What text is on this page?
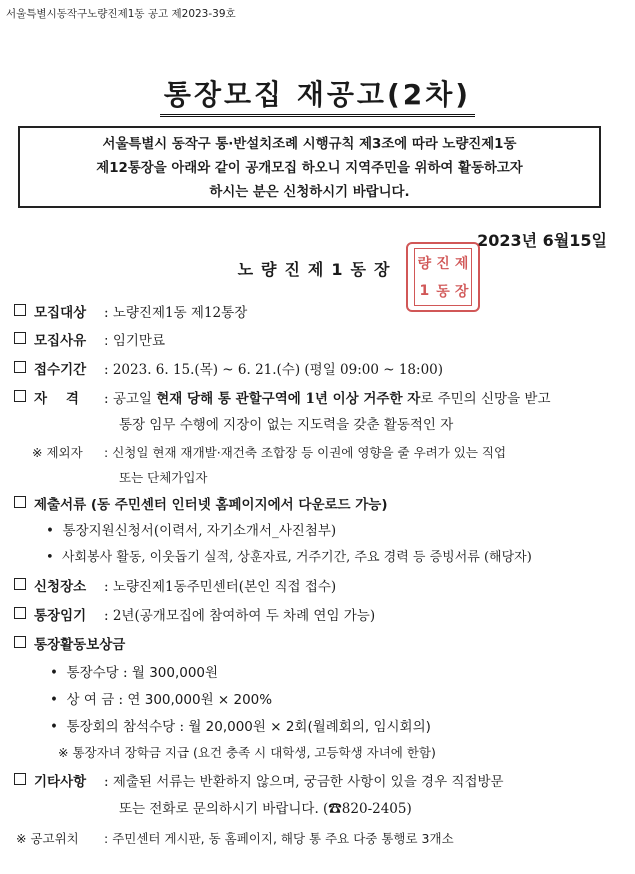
서울특별시동작구노량진제1동 공고 제2023-39호
통장모집 재공고(2차)
서울특별시 동작구 통·반설치조례 시행규칙 제3조에 따라 노량진제1동
제12통장을 아래와 같이 공개모집 하오니 지역주민을 위하여 활동하고자
하시는 분은 신청하시기 바랍니다.
2023년 6월15일
노량진제1동장	량 진 제
1 동 장
모집대상 : 노량진제1동 제12통장
모집사유 : 임기만료
접수기간 : 2023. 6. 15.(목) ~ 6. 21.(수) (평일 09:00 ~ 18:00)
자    격 : 공고일 현재 당해 통 관할구역에 1년 이상 거주한 자로 주민의 신망을 받고
통장 임무 수행에 지장이 없는 지도력을 갖춘 활동적인 자
※ 제외자 : 신청일 현재 재개발·재건축 조합장 등 이권에 영향을 줄 우려가 있는 직업
또는 단체가입자
제출서류 (동 주민센터 인터넷 홈페이지에서 다운로드 가능)
•  통장지원신청서(이력서, 자기소개서_사진첨부)
•  사회봉사 활동, 이웃돕기 실적, 상훈자료, 거주기간, 주요 경력 등 증빙서류 (해당자)
신청장소 : 노량진제1동주민센터(본인 직접 접수)
통장임기 : 2년(공개모집에 참여하여 두 차례 연임 가능)
통장활동보상금
•  통장수당 : 월 300,000원
•  상 여 금 : 연 300,000원 × 200%
•  통장회의 참석수당 : 월 20,000원 × 2회(월례회의, 임시회의)
※ 통장자녀 장학금 지급 (요건 충족 시 대학생, 고등학생 자녀에 한함)
기타사항 : 제출된 서류는 반환하지 않으며, 궁금한 사항이 있을 경우 직접방문
또는 전화로 문의하시기 바랍니다. (☎820-2405)
※ 공고위치 : 주민센터 게시판, 동 홈페이지, 해당 통 주요 다중 통행로 3개소
